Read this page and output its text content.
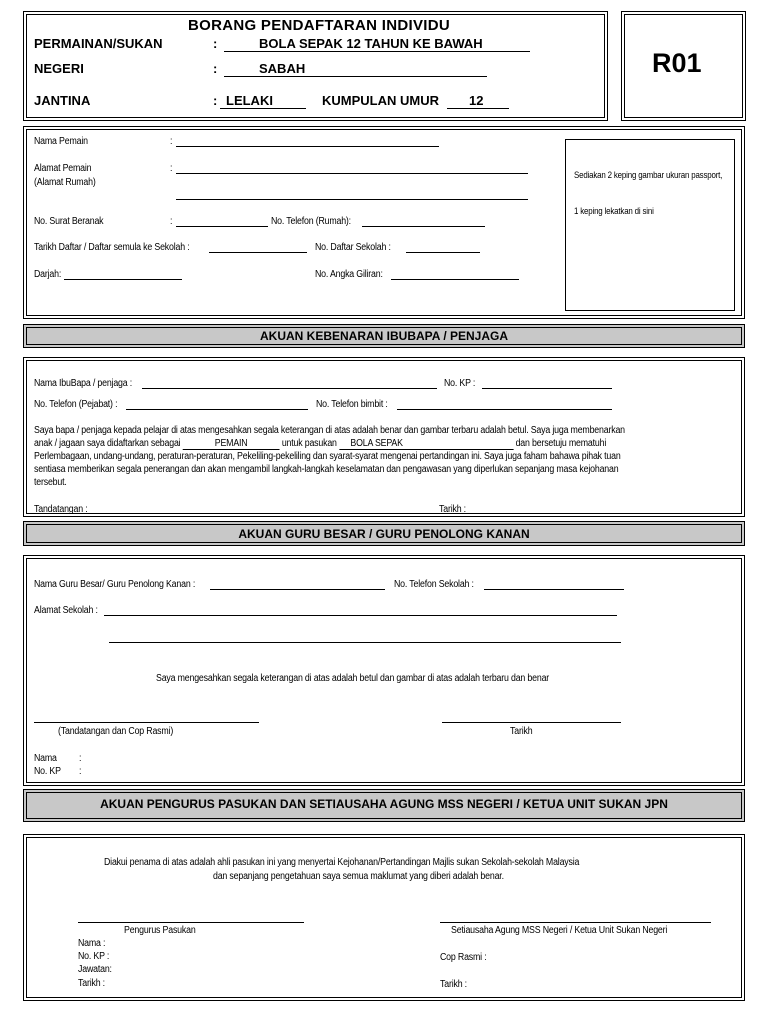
R01
BORANG PENDAFTARAN INDIVIDU
PERMAINAN/SUKAN	:	BOLA SEPAK 12 TAHUN KE BAWAH
NEGERI	:	SABAH
JANTINA	: LELAKI	KUMPULAN UMUR 12
Nama Pemain	:
Alamat Pemain
(Alamat Rumah)
:
No. Surat Beranak	:	No. Telefon (Rumah):
Tarikh Daftar / Daftar semula ke Sekolah :	No. Daftar Sekolah :
Darjah:	No. Angka Giliran:
Sediakan 2 keping gambar ukuran passport,
1 keping lekatkan di sini
AKUAN KEBENARAN IBUBAPA / PENJAGA
Nama IbuBapa / penjaga :	No. KP :
No. Telefon (Pejabat) :	No. Telefon bimbit :
Saya bapa / penjaga kepada pelajar di atas mengesahkan segala keterangan di atas adalah benar dan gambar terbaru adalah betul. Saya juga membenarkan
anak / jagaan saya didaftarkan sebagai	PEMAIN	untuk pasukan BOLA SEPAK	dan bersetuju mematuhi
Perlembagaan, undang-undang, peraturan-peraturan, Pekeliling-pekeliling dan syarat-syarat mengenai pertandingan ini. Saya juga faham bahawa pihak tuan
sentiasa memberikan segala penerangan dan akan mengambil langkah-langkah keselamatan dan pengawasan yang diperlukan sepanjang masa kejohanan
tersebut.
Tandatangan :	Tarikh :
AKUAN GURU BESAR / GURU PENOLONG KANAN
Nama Guru Besar/ Guru Penolong Kanan :	No. Telefon Sekolah :
Alamat Sekolah :
Saya mengesahkan segala keterangan di atas adalah betul dan gambar di atas adalah terbaru dan benar
(Tandatangan dan Cop Rasmi)	Tarikh
Nama :
No. KP :
AKUAN PENGURUS PASUKAN DAN SETIAUSAHA AGUNG MSS NEGERI / KETUA UNIT SUKAN JPN
Diakui penama di atas adalah ahli pasukan ini yang menyertai Kejohanan/Pertandingan Majlis sukan Sekolah-sekolah Malaysia
dan sepanjang pengetahuan saya semua maklumat yang diberi adalah benar.
Pengurus Pasukan
Nama :
No. KP :
Jawatan:
Tarikh :
Setiausaha Agung MSS Negeri / Ketua Unit Sukan Negeri
Cop Rasmi :
Tarikh :
